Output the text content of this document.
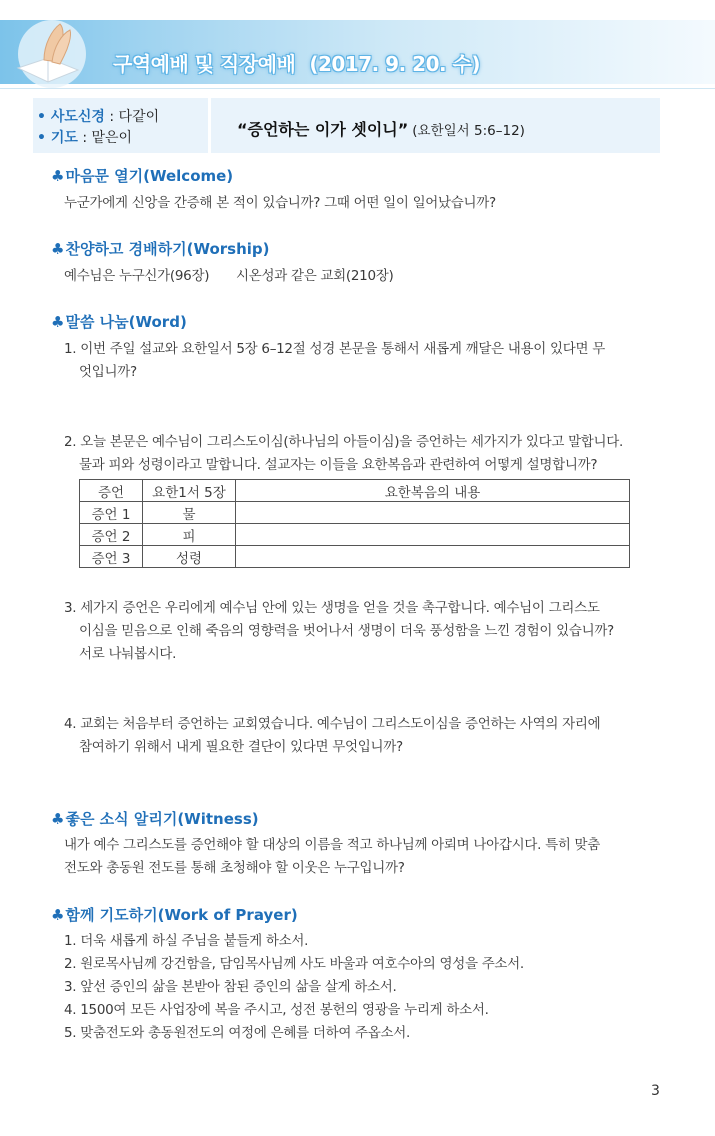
구역예배 및 직장예배 (2017. 9. 20. 수)
• 사도신경 : 다같이
• 기도 : 맡은이	“증언하는 이가 셋이니” (요한일서 5:6–12)
♣마음문 열기(Welcome)
누군가에게 신앙을 간증해 본 적이 있습니까? 그때 어떤 일이 일어났습니까?
♣찬양하고 경배하기(Worship)
예수님은 누구신가(96장) 시온성과 같은 교회(210장)
♣말씀 나눔(Word)
1. 이번 주일 설교와 요한일서 5장 6–12절 성경 본문을 통해서 새롭게 깨달은 내용이 있다면 무
엇입니까?
2. 오늘 본문은 예수님이 그리스도이심(하나님의 아들이심)을 증언하는 세가지가 있다고 말합니다.
물과 피와 성령이라고 말합니다. 설교자는 이들을 요한복음과 관련하여 어떻게 설명합니까?
증언	요한1서 5장	요한복음의 내용
증언 1	물	
증언 2	피	
증언 3	성령	
3. 세가지 증언은 우리에게 예수님 안에 있는 생명을 얻을 것을 촉구합니다. 예수님이 그리스도
이심을 믿음으로 인해 죽음의 영향력을 벗어나서 생명이 더욱 풍성함을 느낀 경험이 있습니까?
서로 나눠봅시다.
4. 교회는 처음부터 증언하는 교회였습니다. 예수님이 그리스도이심을 증언하는 사역의 자리에
참여하기 위해서 내게 필요한 결단이 있다면 무엇입니까?
♣좋은 소식 알리기(Witness)
내가 예수 그리스도를 증언해야 할 대상의 이름을 적고 하나님께 아뢰며 나아갑시다. 특히 맞춤
전도와 총동원 전도를 통해 초청해야 할 이웃은 누구입니까?
♣함께 기도하기(Work of Prayer)
1. 더욱 새롭게 하실 주님을 붙들게 하소서.
2. 원로목사님께 강건함을, 담임목사님께 사도 바울과 여호수아의 영성을 주소서.
3. 앞선 증인의 삶을 본받아 참된 증인의 삶을 살게 하소서.
4. 1500여 모든 사업장에 복을 주시고, 성전 봉헌의 영광을 누리게 하소서.
5. 맞춤전도와 총동원전도의 여정에 은혜를 더하여 주옵소서.
3
